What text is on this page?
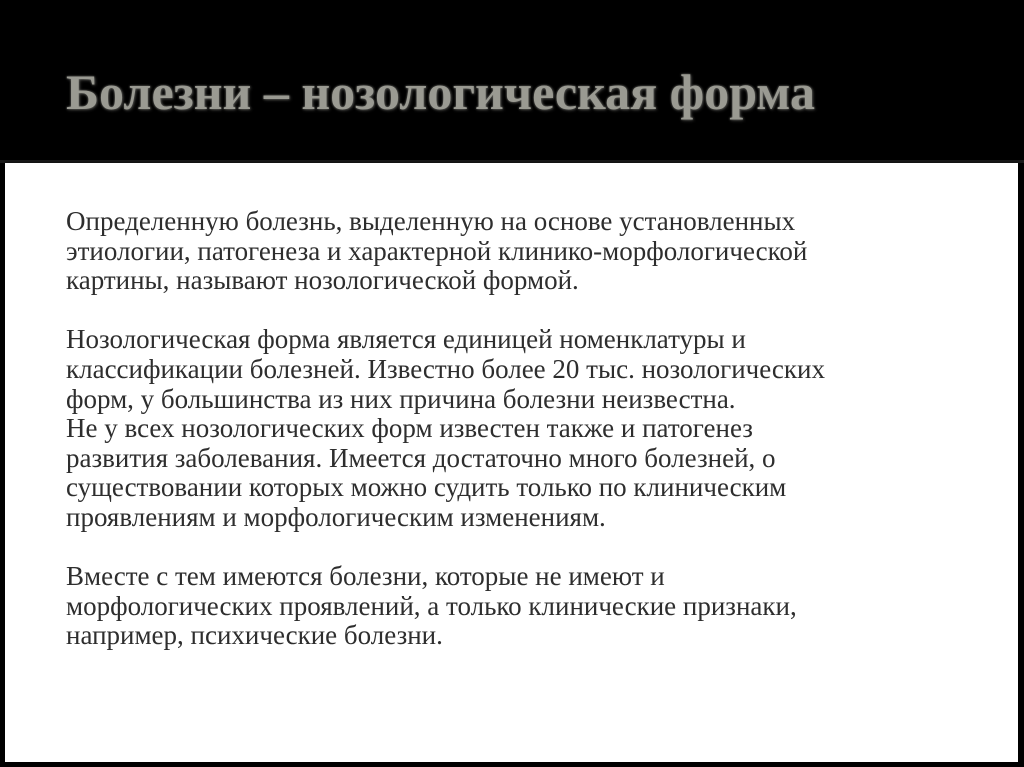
Болезни – нозологическая форма

Определенную болезнь, выделенную на основе установленных
этиологии, патогенеза и характерной клинико-морфологической
картины, называют нозологической формой.

Нозологическая форма является единицей номенклатуры и
классификации болезней. Известно более 20 тыс. нозологических
форм, у большинства из них причина болезни неизвестна.
Не у всех нозологических форм известен также и патогенез
развития заболевания. Имеется достаточно много болезней, о
существовании которых можно судить только по клиническим
проявлениям и морфологическим изменениям.

Вместе с тем имеются болезни, которые не имеют и
морфологических проявлений, а только клинические признаки,
например, психические болезни.
